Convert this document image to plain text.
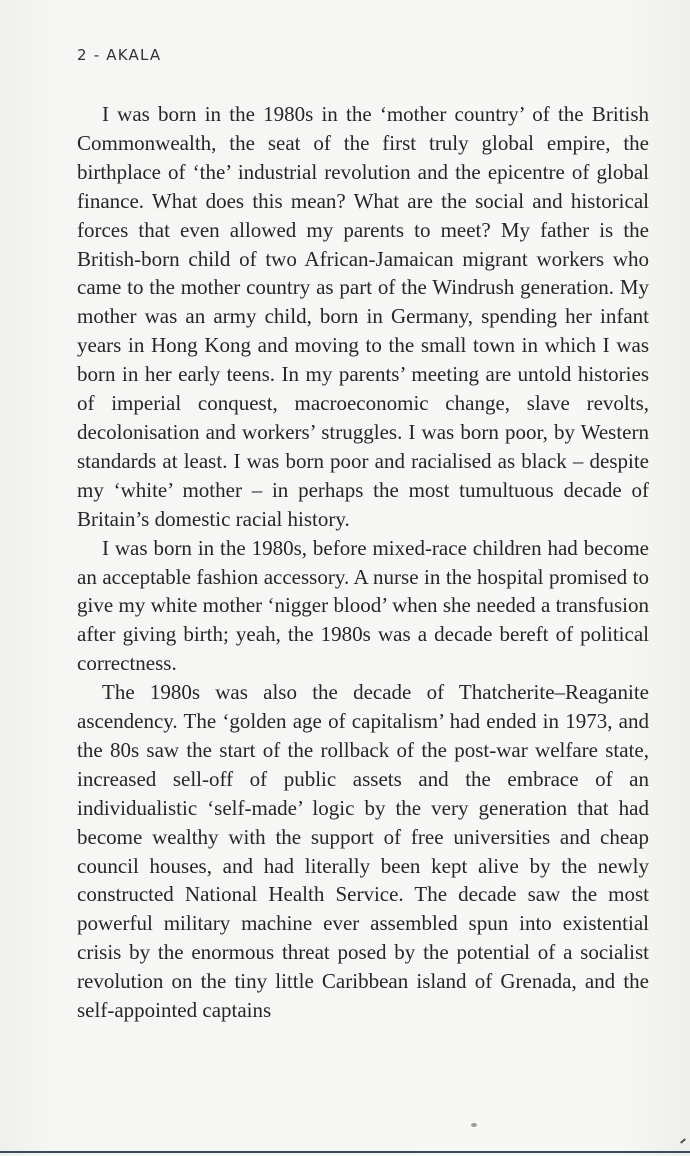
2 - AKALA

I was born in the 1980s in the ‘mother country’ of the British Commonwealth, the seat of the first truly global empire, the birthplace of ‘the’ industrial revolution and the epicentre of global finance. What does this mean? What are the social and historical forces that even allowed my parents to meet? My father is the British-born child of two African-Jamaican migrant workers who came to the mother country as part of the Windrush generation. My mother was an army child, born in Germany, spending her infant years in Hong Kong and moving to the small town in which I was born in her early teens. In my parents’ meeting are untold histories of imperial conquest, macroeconomic change, slave revolts, decolonisation and workers’ struggles. I was born poor, by Western standards at least. I was born poor and racialised as black – despite my ‘white’ mother – in perhaps the most tumultuous decade of Britain’s domestic racial history.

I was born in the 1980s, before mixed-race children had become an acceptable fashion accessory. A nurse in the hospital promised to give my white mother ‘nigger blood’ when she needed a transfusion after giving birth; yeah, the 1980s was a decade bereft of political correctness.

The 1980s was also the decade of Thatcherite–Reaganite ascendency. The ‘golden age of capitalism’ had ended in 1973, and the 80s saw the start of the rollback of the post-war welfare state, increased sell-off of public assets and the embrace of an individualistic ‘self-made’ logic by the very generation that had become wealthy with the support of free universities and cheap council houses, and had literally been kept alive by the newly constructed National Health Service. The decade saw the most powerful military machine ever assembled spun into existential crisis by the enormous threat posed by the potential of a socialist revolution on the tiny little Caribbean island of Grenada, and the self-appointed captains
